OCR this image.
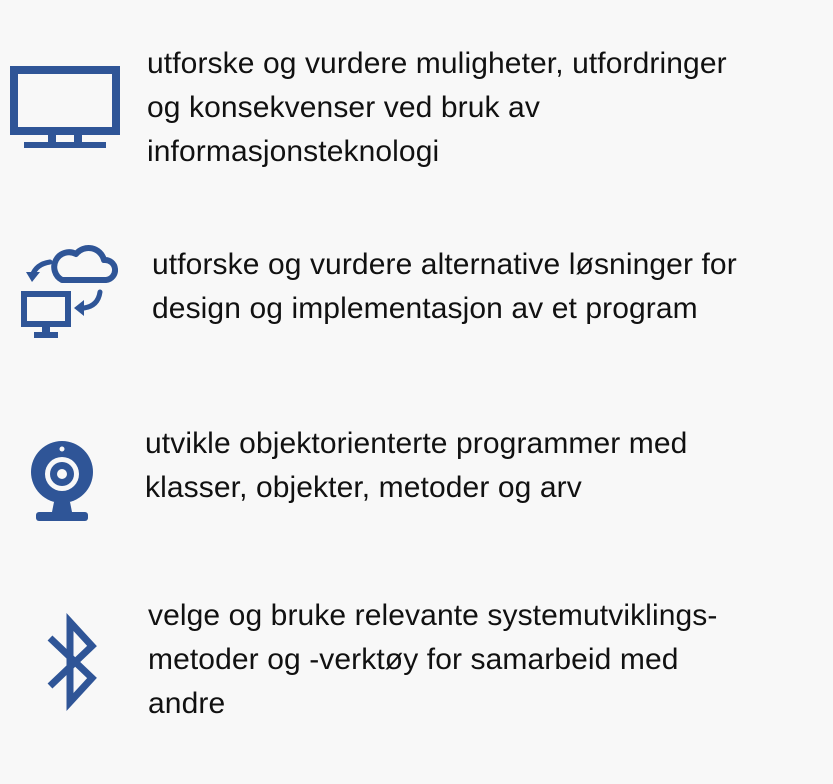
utforske og vurdere muligheter, utfordringer
og konsekvenser ved bruk av
informasjonsteknologi
utforske og vurdere alternative løsninger for
design og implementasjon av et program
utvikle objektorienterte programmer med
klasser, objekter, metoder og arv
velge og bruke relevante systemutviklings-
metoder og -verktøy for samarbeid med
andre
